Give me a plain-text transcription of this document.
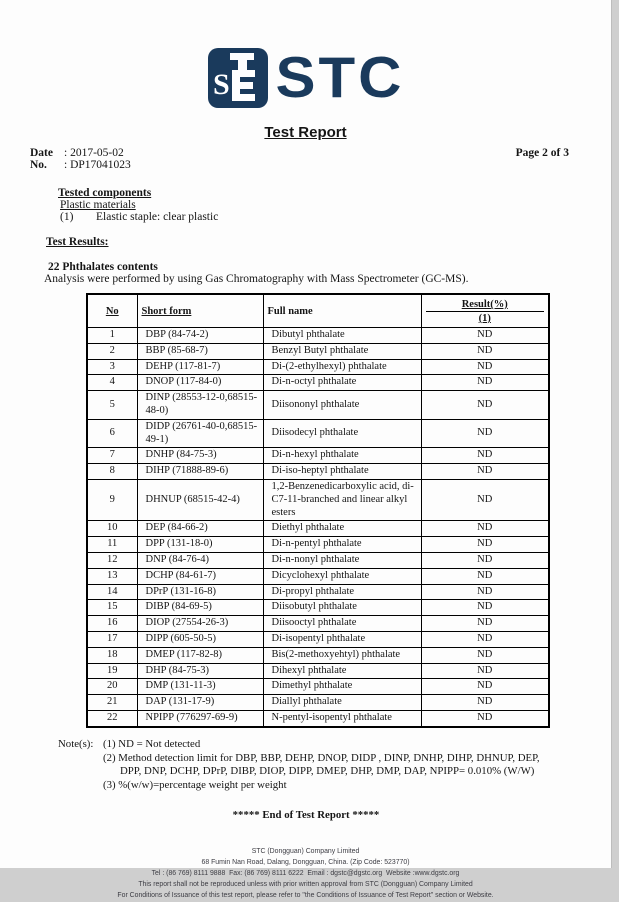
S STC
Test Report
Date : 2017-05-02
No.	: DP17041023
Page 2 of 3
Tested components
Plastic materials
(1)	Elastic staple: clear plastic
Test Results:
22 Phthalates contents
Analysis were performed by using Gas Chromatography with Mass Spectrometer (GC-MS).
No	Short form	Full name	Result(%)
(1)

1	DBP (84-74-2)	Dibutyl phthalate	ND
2	BBP (85-68-7)	Benzyl Butyl phthalate	ND
3	DEHP (117-81-7)	Di-(2-ethylhexyl) phthalate	ND
4	DNOP (117-84-0)	Di-n-octyl phthalate	ND
5	DINP (28553-12-0,68515-48-0)	Diisononyl phthalate	ND
6	DIDP (26761-40-0,68515-49-1)	Diisodecyl phthalate	ND
7	DNHP (84-75-3)	Di-n-hexyl phthalate	ND
8	DIHP (71888-89-6)	Di-iso-heptyl phthalate	ND
9	DHNUP (68515-42-4)	1,2-Benzenedicarboxylic acid, di-C7-11-branched and linear alkyl esters	ND
10	DEP (84-66-2)	Diethyl phthalate	ND
11	DPP (131-18-0)	Di-n-pentyl phthalate	ND
12	DNP (84-76-4)	Di-n-nonyl phthalate	ND
13	DCHP (84-61-7)	Dicyclohexyl phthalate	ND
14	DPrP (131-16-8)	Di-propyl phthalate	ND
15	DIBP (84-69-5)	Diisobutyl phthalate	ND
16	DIOP (27554-26-3)	Diisooctyl phthalate	ND
17	DIPP (605-50-5)	Di-isopentyl phthalate	ND
18	DMEP (117-82-8)	Bis(2-methoxyehtyl) phthalate	ND
19	DHP (84-75-3)	Dihexyl phthalate	ND
20	DMP (131-11-3)	Dimethyl phthalate	ND
21	DAP (131-17-9)	Diallyl phthalate	ND
22	NPIPP (776297-69-9)	N-pentyl-isopentyl phthalate	ND
Note(s): (1) ND = Not detected
(2) Method detection limit for DBP, BBP, DEHP, DNOP, DIDP , DINP, DNHP, DIHP, DHNUP, DEP, DPP, DNP, DCHP, DPrP, DIBP, DIOP, DIPP, DMEP, DHP, DMP, DAP, NPIPP= 0.010% (W/W)
(3) %(w/w)=percentage weight per weight
***** End of Test Report *****
STC (Dongguan) Company Limited
68 Fumin Nan Road, Dalang, Dongguan, China. (Zip Code: 523770)
Tel : (86 769) 8111 9888  Fax: (86 769) 8111 6222  Email : dgstc@dgstc.org  Website :www.dgstc.org
This report shall not be reproduced unless with prior written approval from STC (Dongguan) Company Limited
For Conditions of Issuance of this test report, please refer to "the Conditions of Issuance of Test Report" section or Website.
